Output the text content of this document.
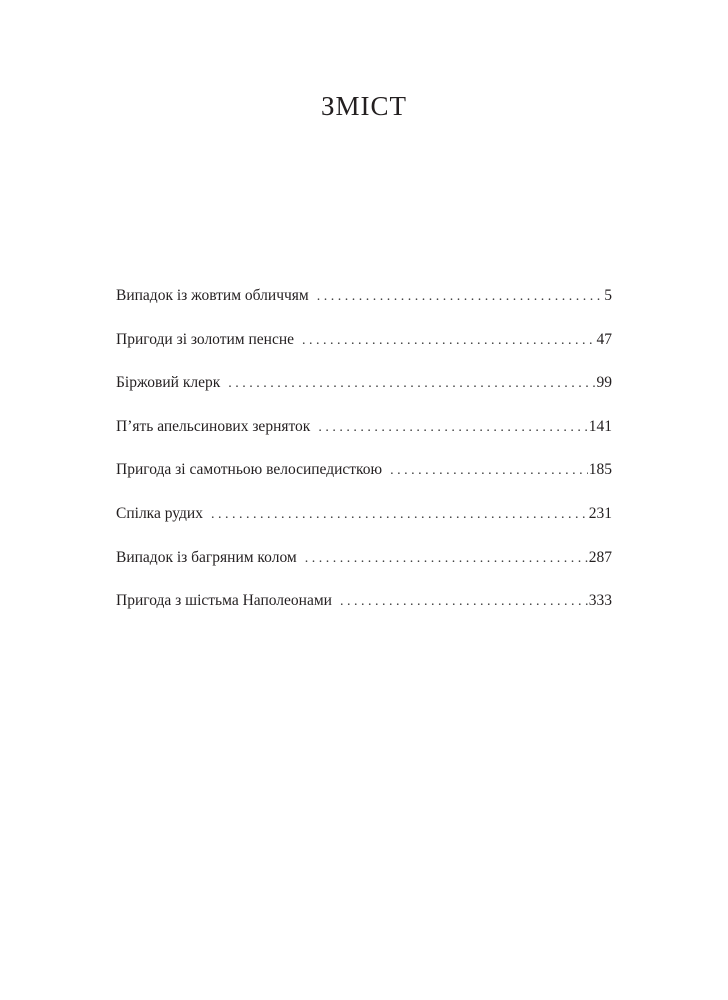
ЗМІСТ
Випадок із жовтим обличчям . . .	5
Пригоди зі золотим пенсне . . .	47
Біржовий клерк . . .	99
П’ять апельсинових зерняток . . .	141
Пригода зі самотньою велосипедисткою . . .	185
Спілка рудих . . .	231
Випадок із багряним колом . . .	287
Пригода з шістьма Наполеонами . . .	333
